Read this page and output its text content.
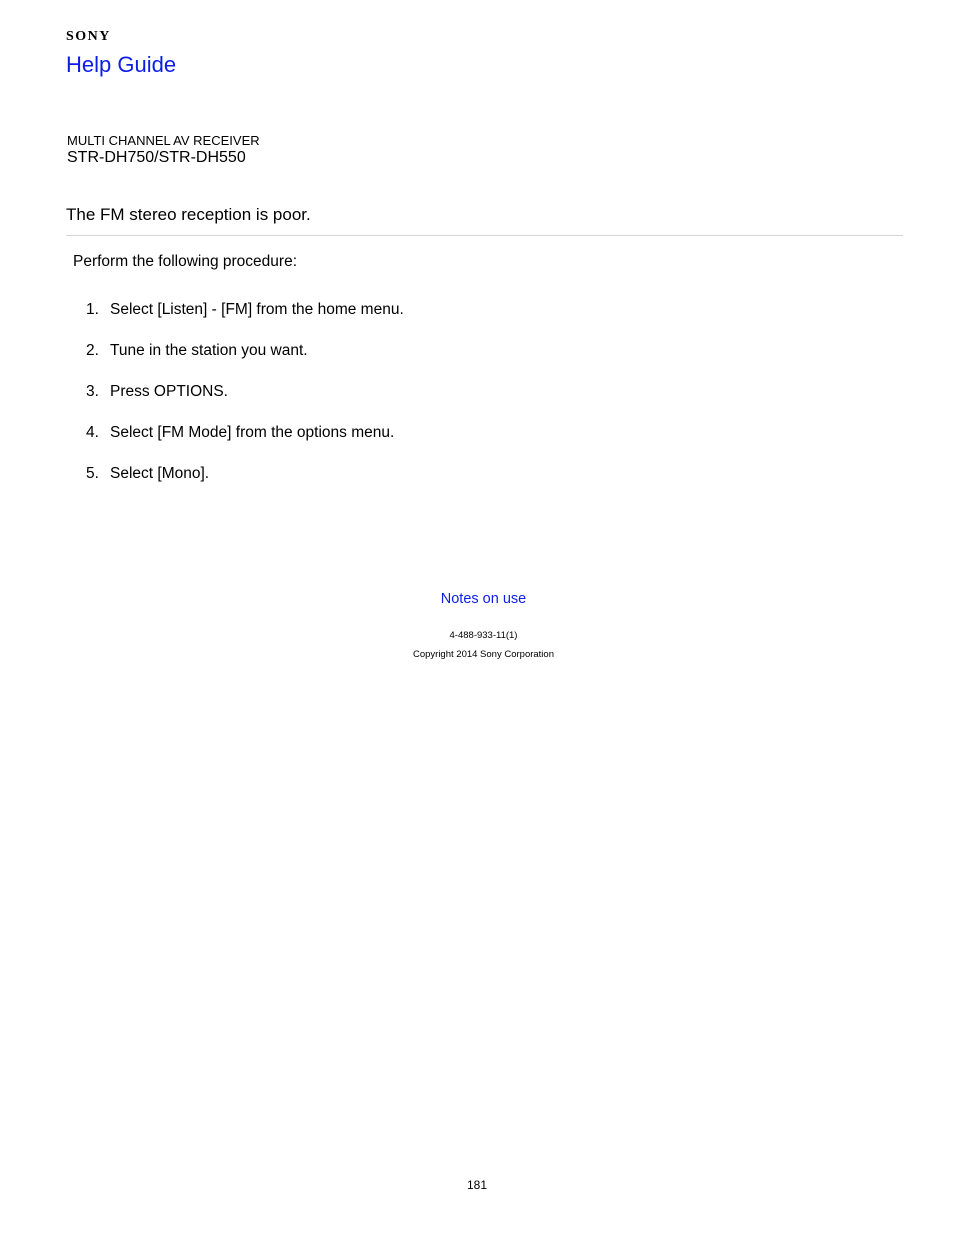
SONY
Help Guide
MULTI CHANNEL AV RECEIVER
STR-DH750/STR-DH550
The FM stereo reception is poor.
Perform the following procedure:
1. Select [Listen] - [FM] from the home menu.
2. Tune in the station you want.
3. Press OPTIONS.
4. Select [FM Mode] from the options menu.
5. Select [Mono].
Notes on use
4-488-933-11(1)
Copyright 2014 Sony Corporation
181
